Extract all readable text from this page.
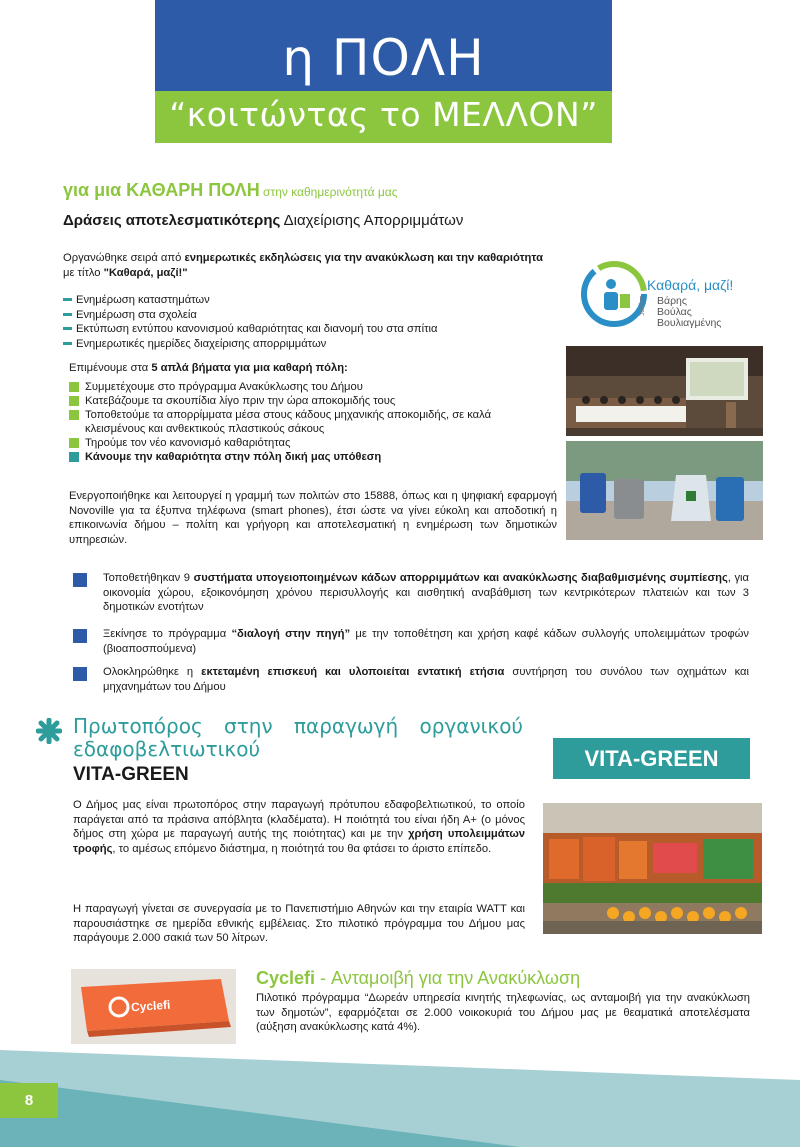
η ΠΟΛΗ
“κοιτώντας το ΜΕΛΛΟΝ”
για μια ΚΑΘΑΡΗ ΠΟΛΗ στην καθημερινότητά μας
Δράσεις αποτελεσματικότερης Διαχείρισης Απορριμμάτων

Οργανώθηκε σειρά από ενημερωτικές εκδηλώσεις για την ανακύκλωση και την καθαριότητα με τίτλο "Καθαρά, μαζί!"

Ενημέρωση καταστημάτων
Ενημέρωση στα σχολεία
Εκτύπωση εντύπου κανονισμού καθαριότητας και διανομή του στα σπίτια
Ενημερωτικές ημερίδες διαχείρισης απορριμμάτων
Επιμένουμε στα 5 απλά βήματα για μια καθαρή πόλη:
Συμμετέχουμε στο πρόγραμμα Ανακύκλωσης του Δήμου
Κατεβάζουμε τα σκουπίδια λίγο πριν την ώρα αποκομιδής τους
Τοποθετούμε τα απορρίμματα μέσα στους κάδους μηχανικής αποκομιδής, σε καλά κλεισμένους και ανθεκτικούς πλαστικούς σάκους
Τηρούμε τον νέο κανονισμό καθαριότητας
Κάνουμε την καθαριότητα στην πόλη δική μας υπόθεση

Ενεργοποιήθηκε και λειτουργεί η γραμμή των πολιτών στο 15888, όπως και η ψηφιακή εφαρμογή Novoville για τα έξυπνα τηλέφωνα (smart phones), έτσι ώστε να γίνει εύκολη και αποδοτική η επικοινωνία δήμου – πολίτη και γρήγορη και αποτελεσματική η ενημέρωση των δημοτικών υπηρεσιών.

Τοποθετήθηκαν 9 συστήματα υπογειοποιημένων κάδων απορριμμάτων και ανακύκλωσης διαβαθμισμένης συμπίεσης, για οικονομία χώρου, εξοικονόμηση χρόνου περισυλλογής και αισθητική αναβάθμιση των κεντρικότερων πλατειών και των 3 δημοτικών ενοτήτων

Ξεκίνησε το πρόγραμμα “διαλογή στην πηγή” με την τοποθέτηση και χρήση καφέ κάδων συλλογής υπολειμμάτων τροφών (βιοαποσπούμενα)

Ολοκληρώθηκε η εκτεταμένη επισκευή και υλοποιείται εντατική ετήσια συντήρηση του συνόλου των οχημάτων και μηχανημάτων του Δήμου

Καθαρά, μαζί!
Βάρης
Βούλας
Βουλιαγμένης
Δήμος
Πρωτοπόρος στην παραγωγή οργανικού εδαφοβελτιωτικού
VITA-GREEN
VITA-GREEN

Ο Δήμος μας είναι πρωτοπόρος στην παραγωγή πρότυπου εδαφοβελτιωτικού, το οποίο παράγεται από τα πράσινα απόβλητα (κλαδέματα). Η ποιότητά του είναι ήδη Α+ (ο μόνος δήμος στη χώρα με παραγωγή αυτής της ποιότητας) και με την χρήση υπολειμμάτων τροφής, το αμέσως επόμενο διάστημα, η ποιότητά του θα φτάσει το άριστο επίπεδο.

Η παραγωγή γίνεται σε συνεργασία με το Πανεπιστήμιο Αθηνών και την εταιρία WATT και παρουσιάστηκε σε ημερίδα εθνικής εμβέλειας. Στο πιλοτικό πρόγραμμα του Δήμου μας παράγουμε 2.000 σακιά των 50 λίτρων.

Cyclefi
Cyclefi - Ανταμοιβή για την Ανακύκλωση

Πιλοτικό πρόγραμμα “Δωρεάν υπηρεσία κινητής τηλεφωνίας, ως ανταμοιβή για την ανακύκλωση των δημοτών”, εφαρμόζεται σε 2.000 νοικοκυριά του Δήμου μας με θεαματικά αποτελέσματα (αύξηση ανακύκλωσης κατά 4%).

8
